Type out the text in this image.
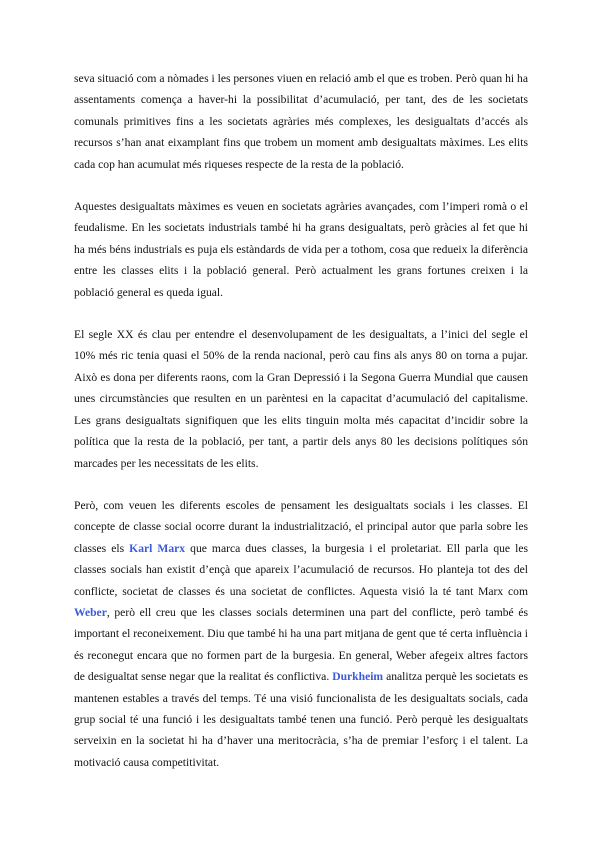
seva situació com a nòmades i les persones viuen en relació amb el que es troben. Però quan hi ha assentaments comença a haver-hi la possibilitat d’acumulació, per tant, des de les societats comunals primitives fins a les societats agràries més complexes, les desigualtats d’accés als recursos s’han anat eixamplant fins que trobem un moment amb desigualtats màximes. Les elits cada cop han acumulat més riqueses respecte de la resta de la població.

Aquestes desigualtats màximes es veuen en societats agràries avançades, com l’imperi romà o el feudalisme. En les societats industrials també hi ha grans desigualtats, però gràcies al fet que hi ha més béns industrials es puja els estàndards de vida per a tothom, cosa que redueix la diferència entre les classes elits i la població general. Però actualment les grans fortunes creixen i la població general es queda igual.

El segle XX és clau per entendre el desenvolupament de les desigualtats, a l’inici del segle el 10% més ric tenia quasi el 50% de la renda nacional, però cau fins als anys 80 on torna a pujar. Això es dona per diferents raons, com la Gran Depressió i la Segona Guerra Mundial que causen unes circumstàncies que resulten en un parèntesi en la capacitat d’acumulació del capitalisme. Les grans desigualtats signifiquen que les elits tinguin molta més capacitat d’incidir sobre la política que la resta de la població, per tant, a partir dels anys 80 les decisions polítiques són marcades per les necessitats de les elits.

Però, com veuen les diferents escoles de pensament les desigualtats socials i les classes. El concepte de classe social ocorre durant la industrialització, el principal autor que parla sobre les classes els Karl Marx que marca dues classes, la burgesia i el proletariat. Ell parla que les classes socials han existit d’ençà que apareix l’acumulació de recursos. Ho planteja tot des del conflicte, societat de classes és una societat de conflictes. Aquesta visió la té tant Marx com Weber, però ell creu que les classes socials determinen una part del conflicte, però també és important el reconeixement. Diu que també hi ha una part mitjana de gent que té certa influència i és reconegut encara que no formen part de la burgesia. En general, Weber afegeix altres factors de desigualtat sense negar que la realitat és conflictiva. Durkheim analitza perquè les societats es mantenen estables a través del temps. Té una visió funcionalista de les desigualtats socials, cada grup social té una funció i les desigualtats també tenen una funció. Però perquè les desigualtats serveixin en la societat hi ha d’haver una meritocràcia, s’ha de premiar l’esforç i el talent. La motivació causa competitivitat.
